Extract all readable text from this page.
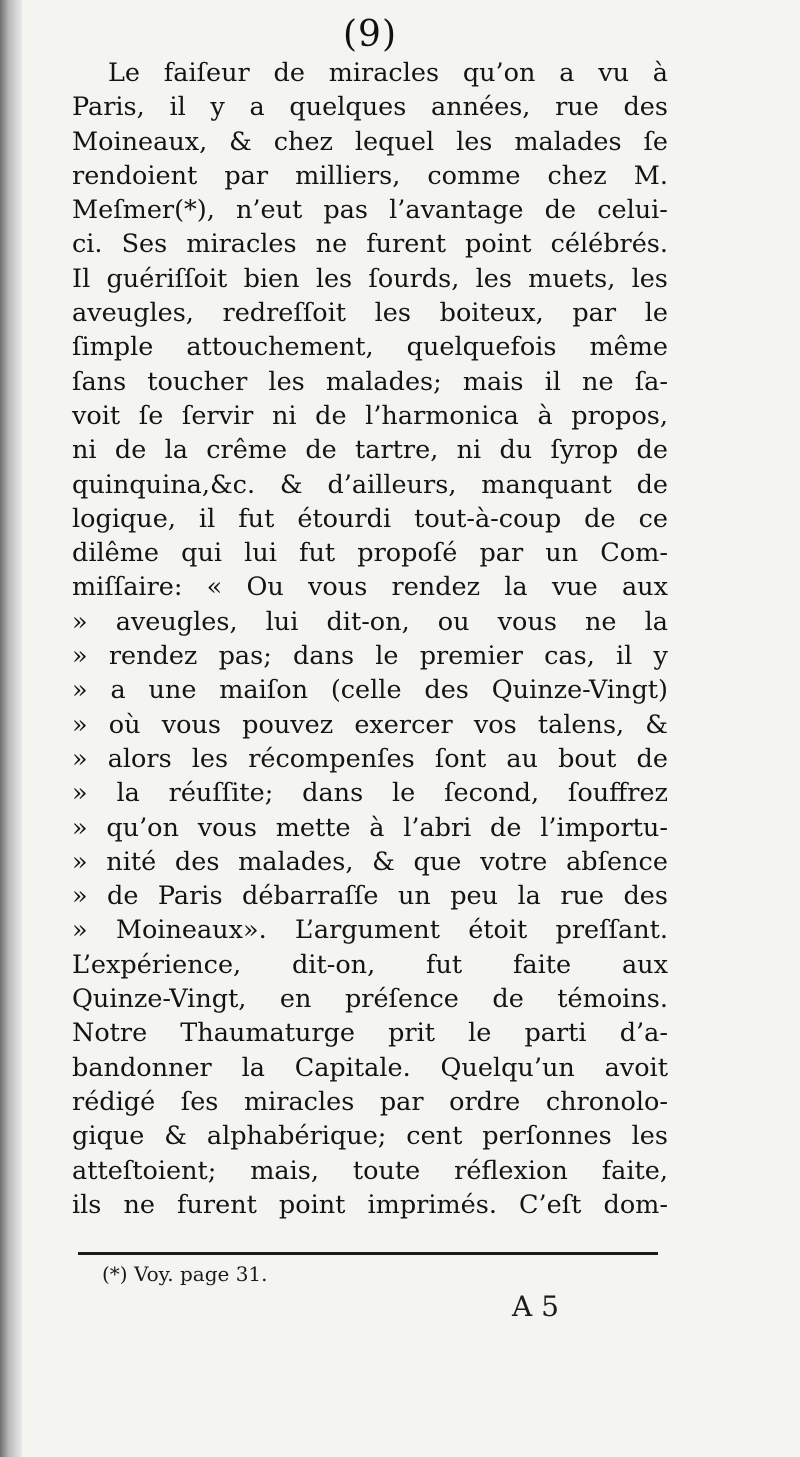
(9)
Le faiſeur de miracles qu’on a vu à
Paris, il y a quelques années, rue des
Moineaux, & chez lequel les malades ſe
rendoient par milliers, comme chez M.
Meſmer(*), n’eut pas l’avantage de celui-
ci. Ses miracles ne furent point célébrés.
Il guériſſoit bien les ſourds, les muets, les
aveugles, redreſſoit les boiteux, par le
ſimple attouchement, quelquefois même
ſans toucher les malades; mais il ne ſa-
voit ſe ſervir ni de l’harmonica à propos,
ni de la crême de tartre, ni du ſyrop de
quinquina,&c. & d’ailleurs, manquant de
logique, il fut étourdi tout-à-coup de ce
dilême qui lui fut propoſé par un Com-
miſſaire: « Ou vous rendez la vue aux
» aveugles, lui dit-on, ou vous ne la
» rendez pas; dans le premier cas, il y
» a une maiſon (celle des Quinze-Vingt)
» où vous pouvez exercer vos talens, &
» alors les récompenſes ſont au bout de
» la réuſſite; dans le ſecond, ſouffrez
» qu’on vous mette à l’abri de l’importu-
» nité des malades, & que votre abſence
» de Paris débarraſſe un peu la rue des
» Moineaux». L’argument étoit preſſant.
L’expérience, dit-on, fut faite aux
Quinze-Vingt, en préſence de témoins.
Notre Thaumaturge prit le parti d’a-
bandonner la Capitale. Quelqu’un avoit
rédigé ſes miracles par ordre chronolo-
gique & alphabérique; cent perſonnes les
atteſtoient; mais, toute réflexion faite,
ils ne furent point imprimés. C’eſt dom-
(*) Voy. page 31.
A 5
